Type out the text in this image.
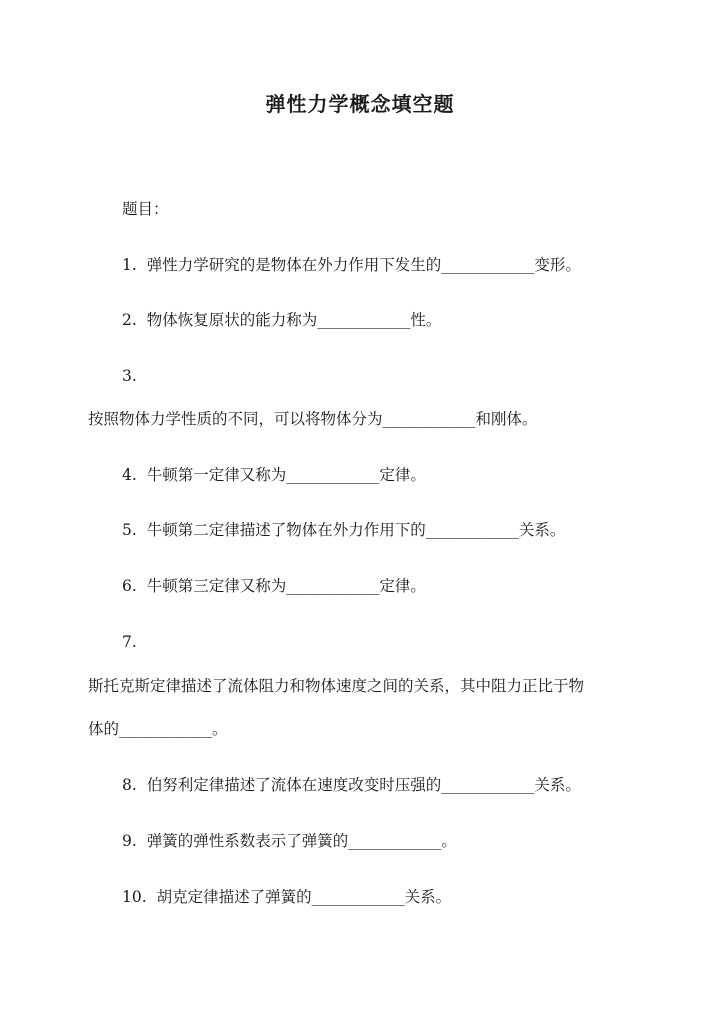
弹性力学概念填空题
题目：
1. 弹性力学研究的是物体在外力作用下发生的____________变形。
2. 物体恢复原状的能力称为____________性。
3.
按照物体力学性质的不同，可以将物体分为____________和刚体。
4. 牛顿第一定律又称为____________定律。
5. 牛顿第二定律描述了物体在外力作用下的____________关系。
6. 牛顿第三定律又称为____________定律。
7.
斯托克斯定律描述了流体阻力和物体速度之间的关系，其中阻力正比于物
体的____________。
8. 伯努利定律描述了流体在速度改变时压强的____________关系。
9. 弹簧的弹性系数表示了弹簧的____________。
10. 胡克定律描述了弹簧的____________关系。
